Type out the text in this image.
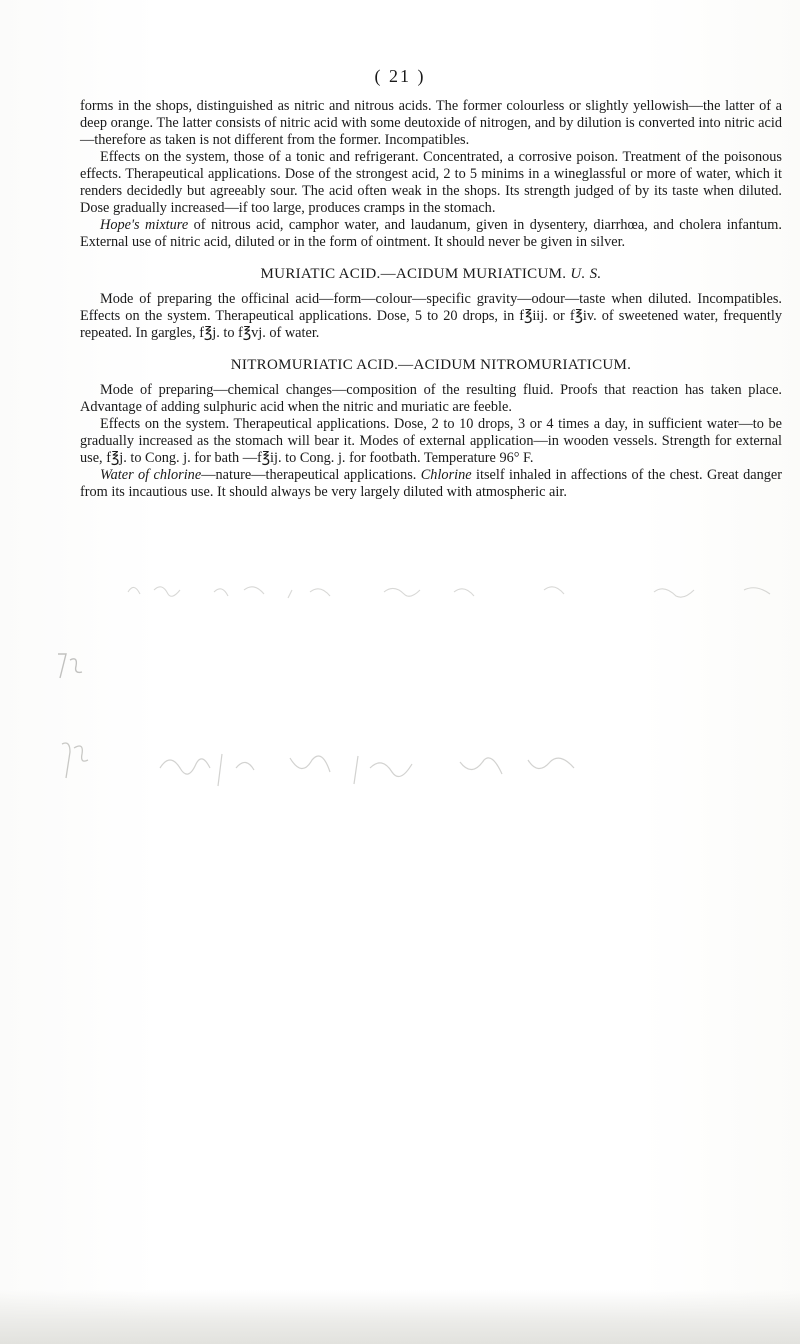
( 21 )

forms in the shops, distinguished as nitric and nitrous acids. The former colourless or slightly yellowish—the latter of a deep orange. The latter consists of nitric acid with some deutoxide of nitrogen, and by dilution is converted into nitric acid—therefore as taken is not different from the former. Incompatibles.

Effects on the system, those of a tonic and refrigerant. Concentrated, a corrosive poison. Treatment of the poisonous effects. Therapeutical applications. Dose of the strongest acid, 2 to 5 minims in a wineglassful or more of water, which it renders decidedly but agreeably sour. The acid often weak in the shops. Its strength judged of by its taste when diluted. Dose gradually increased—if too large, produces cramps in the stomach.

Hope's mixture of nitrous acid, camphor water, and laudanum, given in dysentery, diarrhœa, and cholera infantum. External use of nitric acid, diluted or in the form of ointment. It should never be given in silver.

MURIATIC ACID.—ACIDUM MURIATICUM. U. S.

Mode of preparing the officinal acid—form—colour—specific gravity—odour—taste when diluted. Incompatibles. Effects on the system. Therapeutical applications. Dose, 5 to 20 drops, in f℥iij. or f℥iv. of sweetened water, frequently repeated. In gargles, f℥j. to f℥vj. of water.

NITROMURIATIC ACID.—ACIDUM NITROMURIATICUM.

Mode of preparing—chemical changes—composition of the resulting fluid. Proofs that reaction has taken place. Advantage of adding sulphuric acid when the nitric and muriatic are feeble.

Effects on the system. Therapeutical applications. Dose, 2 to 10 drops, 3 or 4 times a day, in sufficient water—to be gradually increased as the stomach will bear it. Modes of external application—in wooden vessels. Strength for external use, f℥j. to Cong. j. for bath —f℥ij. to Cong. j. for footbath. Temperature 96° F.

Water of chlorine—nature—therapeutical applications. Chlorine itself inhaled in affections of the chest. Great danger from its incautious use. It should always be very largely diluted with atmospheric air.
